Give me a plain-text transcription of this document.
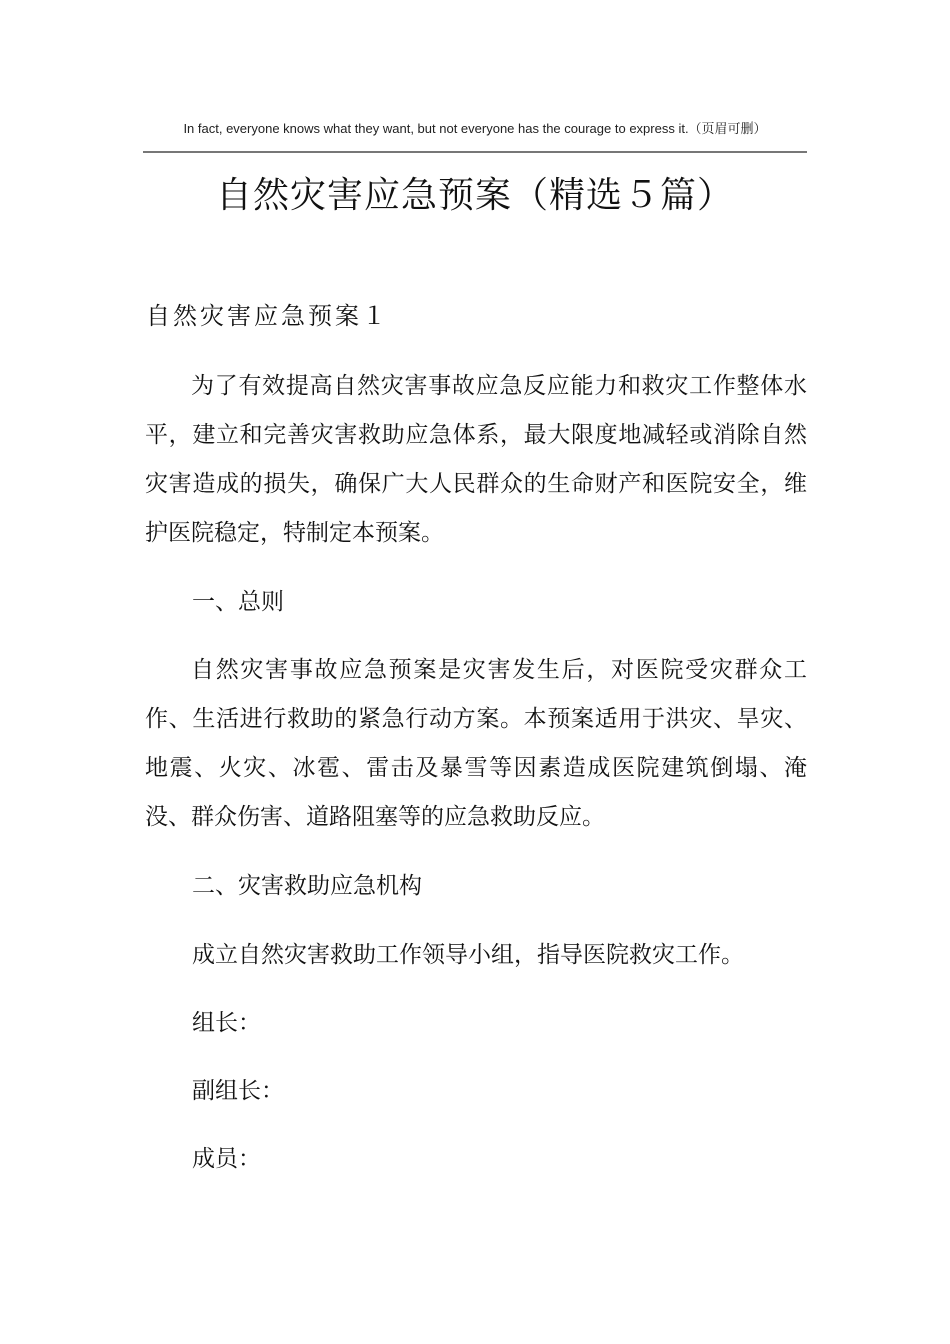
In fact, everyone knows what they want, but not everyone has the courage to express it.（页眉可删）
自然灾害应急预案（精选５篇）
自然灾害应急预案１

为了有效提高自然灾害事故应急反应能力和救灾工作整体水平，建立和完善灾害救助应急体系，最大限度地减轻或消除自然灾害造成的损失，确保广大人民群众的生命财产和医院安全，维护医院稳定，特制定本预案。

一、总则

自然灾害事故应急预案是灾害发生后，对医院受灾群众工作、生活进行救助的紧急行动方案。本预案适用于洪灾、旱灾、地震、火灾、冰雹、雷击及暴雪等因素造成医院建筑倒塌、淹没、群众伤害、道路阻塞等的应急救助反应。

二、灾害救助应急机构
成立自然灾害救助工作领导小组，指导医院救灾工作。
组长：
副组长：
成员：
